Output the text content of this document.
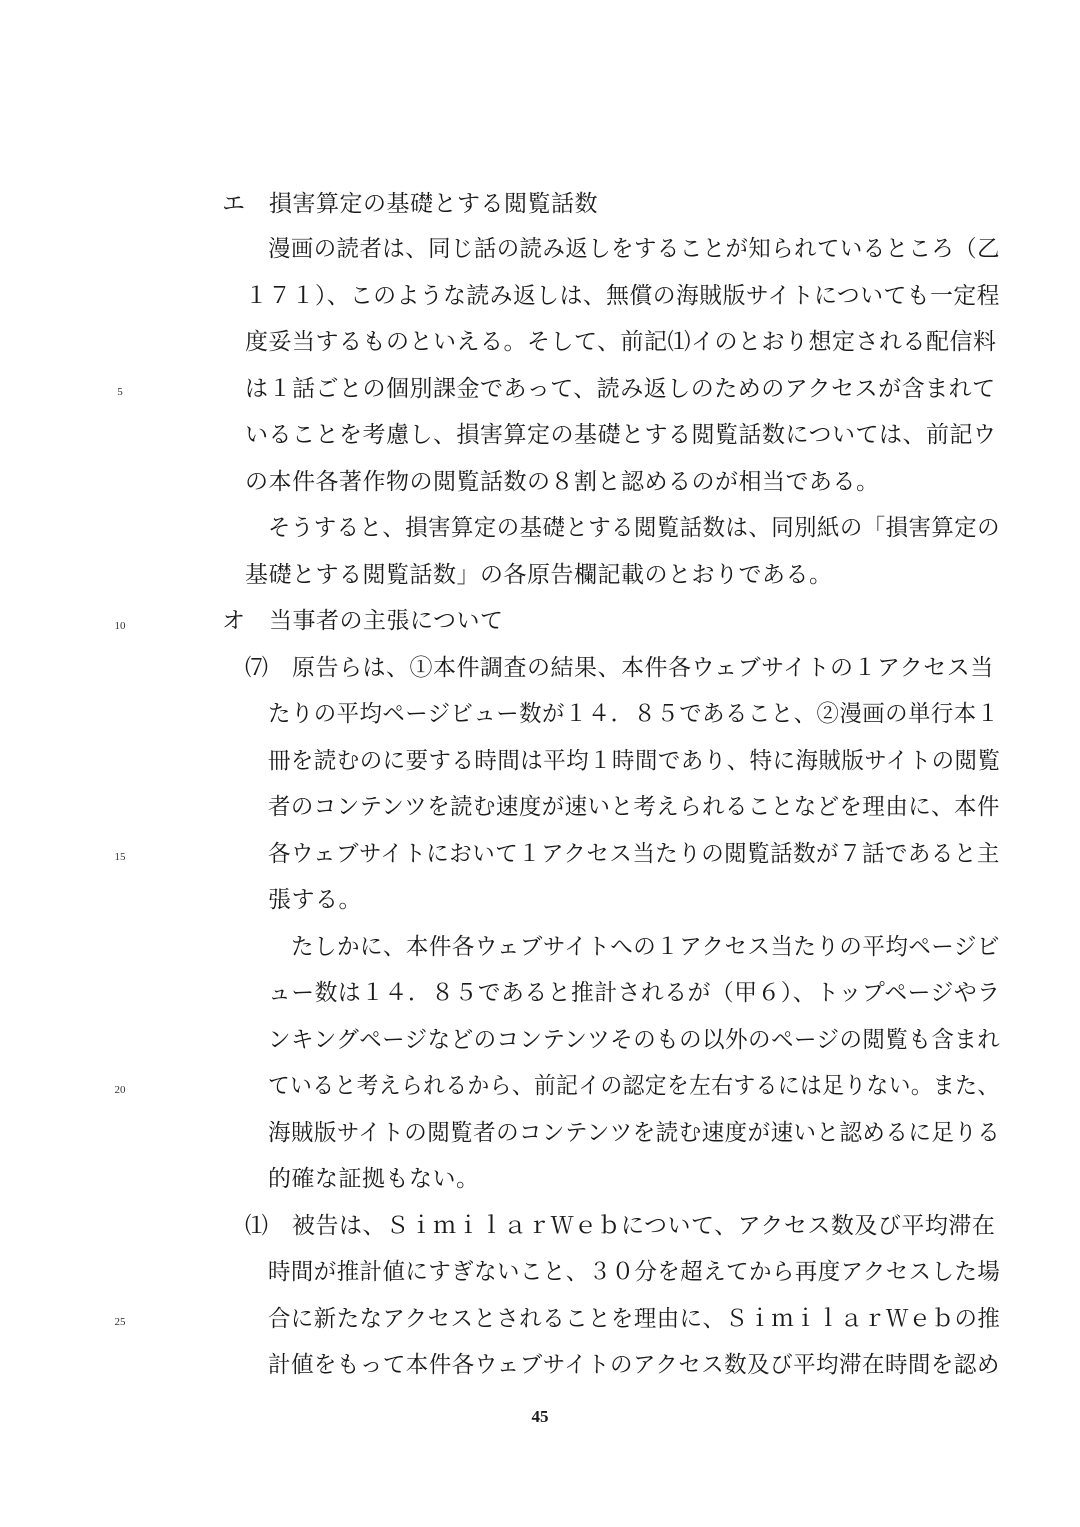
5
10
15
20
25

エ　損害算定の基礎とする閲覧話数

漫画の読者は、同じ話の読み返しをすることが知られているところ（乙

１７１）、このような読み返しは、無償の海賊版サイトについても一定程

度妥当するものといえる。そして、前記⑴イのとおり想定される配信料

は１話ごとの個別課金であって、読み返しのためのアクセスが含まれて

いることを考慮し、損害算定の基礎とする閲覧話数については、前記ウ

の本件各著作物の閲覧話数の８割と認めるのが相当である。

そうすると、損害算定の基礎とする閲覧話数は、同別紙の「損害算定の

基礎とする閲覧話数」の各原告欄記載のとおりである。

オ　当事者の主張について

⑺　原告らは、①本件調査の結果、本件各ウェブサイトの１アクセス当

たりの平均ページビュー数が１４．８５であること、②漫画の単行本１

冊を読むのに要する時間は平均１時間であり、特に海賊版サイトの閲覧

者のコンテンツを読む速度が速いと考えられることなどを理由に、本件

各ウェブサイトにおいて１アクセス当たりの閲覧話数が７話であると主

張する。

たしかに、本件各ウェブサイトへの１アクセス当たりの平均ページビ

ュー数は１４．８５であると推計されるが（甲６）、トップページやラ

ンキングページなどのコンテンツそのもの以外のページの閲覧も含まれ

ていると考えられるから、前記イの認定を左右するには足りない。また、

海賊版サイトの閲覧者のコンテンツを読む速度が速いと認めるに足りる

的確な証拠もない。

⑴　被告は、ＳｉｍｉｌａｒＷｅｂについて、アクセス数及び平均滞在

時間が推計値にすぎないこと、３０分を超えてから再度アクセスした場

合に新たなアクセスとされることを理由に、ＳｉｍｉｌａｒＷｅｂの推

計値をもって本件各ウェブサイトのアクセス数及び平均滞在時間を認め

45
